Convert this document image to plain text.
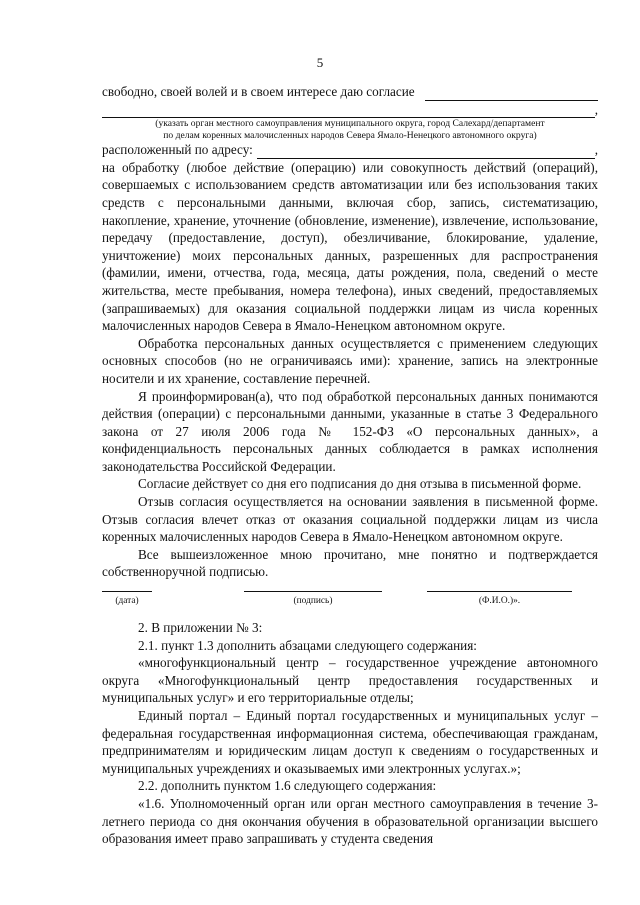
5
свободно, своей волей и в своем интересе даю согласие
,

(указать орган местного самоуправления муниципального округа, город Салехард/департамент

по делам коренных малочисленных народов Севера Ямало-Ненецкого автономного округа)

расположенный по адресу:	,

на обработку (любое действие (операцию) или совокупность действий (операций), совершаемых с использованием средств автоматизации или без использования таких средств с персональными данными, включая сбор, запись, систематизацию, накопление, хранение, уточнение (обновление, изменение), извлечение, использование, передачу (предоставление, доступ), обезличивание, блокирование, удаление, уничтожение) моих персональных данных, разрешенных для распространения (фамилии, имени, отчества, года, месяца, даты рождения, пола, сведений о месте жительства, месте пребывания, номера телефона), иных сведений, предоставляемых (запрашиваемых) для оказания социальной поддержки лицам из числа коренных малочисленных народов Севера в Ямало-Ненецком автономном округе.

Обработка персональных данных осуществляется с применением следующих основных способов (но не ограничиваясь ими): хранение, запись на электронные носители и их хранение, составление перечней.

Я проинформирован(а), что под обработкой персональных данных понимаются действия (операции) с персональными данными, указанные в статье 3 Федерального закона от 27 июля 2006 года № 152-ФЗ «О персональных данных», а конфиденциальность персональных данных соблюдается в рамках исполнения законодательства Российской Федерации.

Согласие действует со дня его подписания до дня отзыва в письменной форме.

Отзыв согласия осуществляется на основании заявления в письменной форме. Отзыв согласия влечет отказ от оказания социальной поддержки лицам из числа коренных малочисленных народов Севера в Ямало-Ненецком автономном округе.

Все вышеизложенное мною прочитано, мне понятно и подтверждается собственноручной подписью.

(дата)	(подпись)	(Ф.И.О.)».

2. В приложении № 3:

2.1. пункт 1.3 дополнить абзацами следующего содержания:

«многофункциональный центр – государственное учреждение автономного округа «Многофункциональный центр предоставления государственных и муниципальных услуг» и его территориальные отделы;

Единый портал – Единый портал государственных и муниципальных услуг – федеральная государственная информационная система, обеспечивающая гражданам, предпринимателям и юридическим лицам доступ к сведениям о государственных и муниципальных учреждениях и оказываемых ими электронных услугах.»;

2.2. дополнить пунктом 1.6 следующего содержания:

«1.6. Уполномоченный орган или орган местного самоуправления в течение 3-летнего периода со дня окончания обучения в образовательной организации высшего образования имеет право запрашивать у студента сведения
